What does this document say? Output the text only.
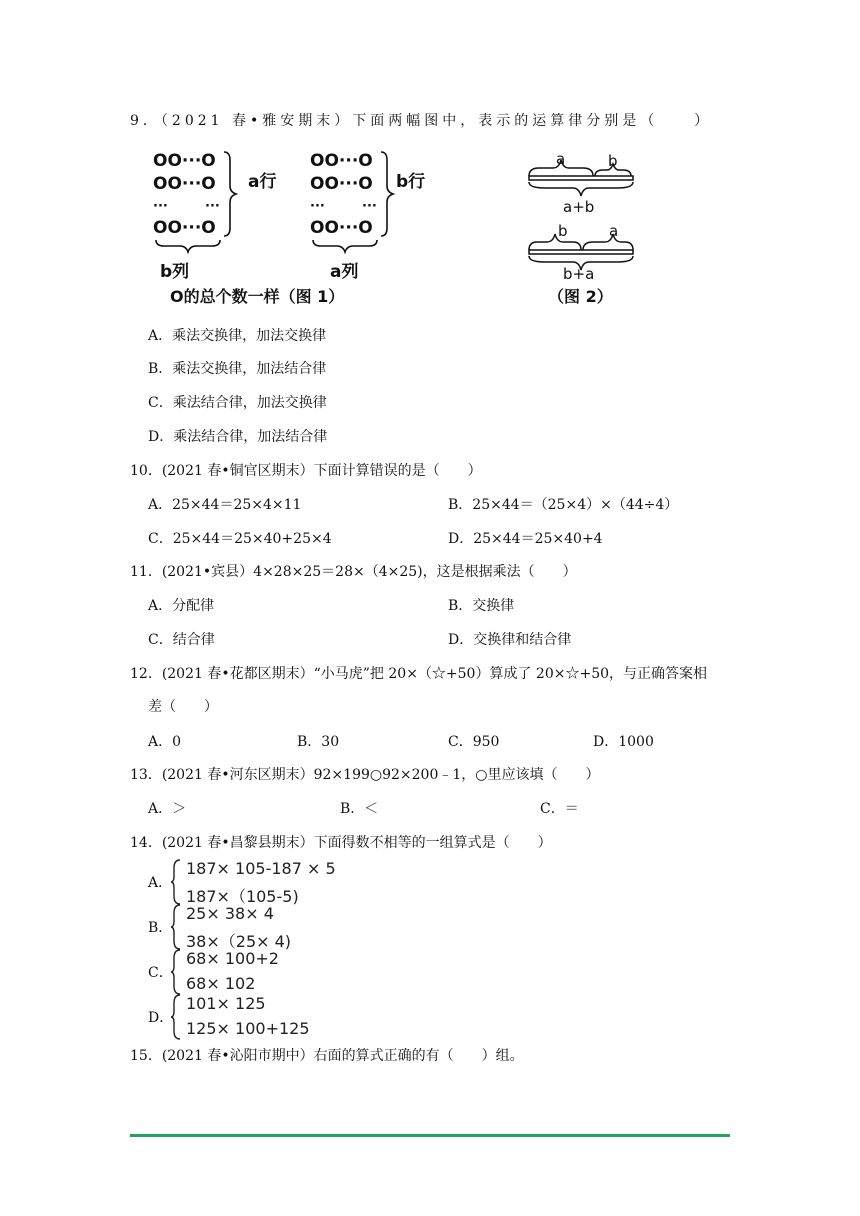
9．（2021 春•雅安期末）下面两幅图中，表示的运算律分别是（　　）
OO···O
OO···O
···	···
OO···O
OO···O
OO···O
···	···
OO···O
a行	b行
b列	a列
O的总个数一样（图 1）
a	b
a+b
b	a
b+a
（图 2）
A．乘法交换律，加法交换律
B．乘法交换律，加法结合律
C．乘法结合律，加法交换律
D．乘法结合律，加法结合律
10．(2021 春•铜官区期末）下面计算错误的是（　　）
A．25×44＝25×4×11	B．25×44＝（25×4）×（44÷4）
C．25×44＝25×40+25×4	D．25×44＝25×40+4
11．(2021•宾县）4×28×25＝28×（4×25)，这是根据乘法（　　）
A．分配律	B．交换律
C．结合律	D．交换律和结合律
12．(2021 春•花都区期末）“小马虎”把 20×（☆+50）算成了 20×☆+50，与正确答案相
差（　　）
A．0	B．30	C．950	D．1000
13．(2021 春•河东区期末）92×199○92×200﹣1，○里应该填（　　）
A．＞	B．＜	C．＝
14．(2021 春•昌黎县期末）下面得数不相等的一组算式是（　　）
A．
187× 105-187 × 5
187×（105-5)
B．
25× 38× 4
38×（25× 4)
C．
68× 100+2
68× 102
D．
101× 125
125× 100+125
15．(2021 春•沁阳市期中）右面的算式正确的有（　　）组。
